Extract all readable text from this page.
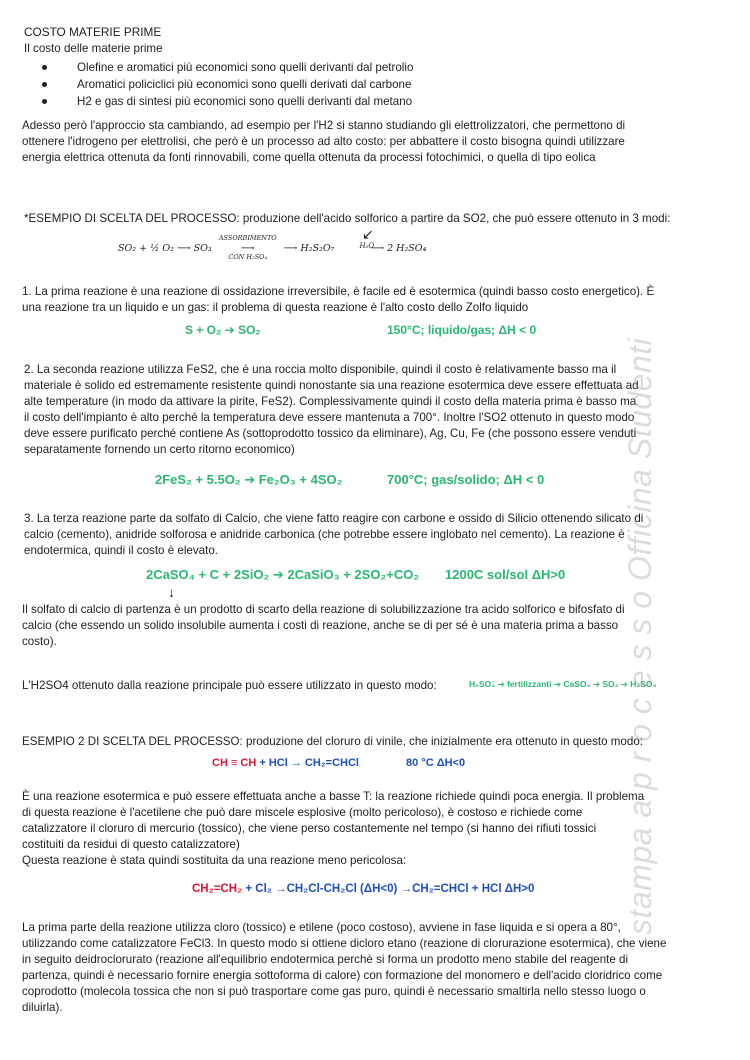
COSTO MATERIE PRIME
Il costo delle materie prime
Olefine e aromatici più economici sono quelli derivanti dal petrolio
Aromatici policiclici più economici sono quelli derivati dal carbone
H2 e gas di sintesi più economici sono quelli derivanti dal metano
Adesso però l'approccio sta cambiando, ad esempio per l'H2 si stanno studiando gli elettrolizzatori, che permettono di
ottenere l'idrogeno per elettrolisi, che però è un processo ad alto costo: per abbattere il costo bisogna quindi utilizzare
energia elettrica ottenuta da fonti rinnovabili, come quella ottenuta da processi fotochimici, o quella di tipo eolica
*ESEMPIO DI SCELTA DEL PROCESSO: produzione dell'acido solforico a partire da SO2, che può essere ottenuto in 3 modi:
↙
SO₂ + ½ O₂ ⟶ SO₃
ASSORBIMENTO
⟶
CON H₂SO₄
⟶ H₂S₂O₇	H₂O
⟶ 2 H₂SO₄
1. La prima reazione è una reazione di ossidazione irreversibile, è facile ed è esotermica (quindi basso costo energetico). È
una reazione tra un liquido e un gas: il problema di questa reazione è l'alto costo dello Zolfo liquido
S + O₂ ➔ SO₂	150°C; liquido/gas; ΔH < 0
2. La seconda reazione utilizza FeS2, che è una roccia molto disponibile, quindi il costo è relativamente basso ma il
materiale è solido ed estremamente resistente quindi nonostante sia una reazione esotermica deve essere effettuata ad
alte temperature (in modo da attivare la pirite, FeS2). Complessivamente quindi il costo della materia prima è basso ma
il costo dell'impianto è alto perché la temperatura deve essere mantenuta a 700°. Inoltre l'SO2 ottenuto in questo modo
deve essere purificato perché contiene As (sottoprodotto tossico da eliminare), Ag, Cu, Fe (che possono essere venduti
separatamente fornendo un certo ritorno economico)
2FeS₂ + 5.5O₂ ➔ Fe₂O₃ + 4SO₂	700°C; gas/solido; ΔH < 0
3. La terza reazione parte da solfato di Calcio, che viene fatto reagire con carbone e ossido di Silicio ottenendo silicato di
calcio (cemento), anidride solforosa e anidride carbonica (che potrebbe essere inglobato nel cemento). La reazione è
endotermica, quindi il costo è elevato.
2CaSO₄ + C + 2SiO₂ ➔ 2CaSiO₃ + 2SO₂+CO₂ 1200C sol/sol ΔH>0
↓
Il solfato di calcio di partenza è un prodotto di scarto della reazione di solubilizzazione tra acido solforico e bifosfato di
calcio (che essendo un solido insolubile aumenta i costi di reazione, anche se di per sé è una materia prima a basso
costo).
L'H2SO4 ottenuto dalla reazione principale può essere utilizzato in questo modo:	H₂SO₄ ➔ fertilizzanti ➔ CaSO₄ ➔ SO₂ ➔ H₂SO₄
ESEMPIO 2 DI SCELTA DEL PROCESSO: produzione del cloruro di vinile, che inizialmente era ottenuto in questo modo:
CH ≡ CH + HCl → CH₂=CHCl	80 °C ΔH<0
È una reazione esotermica e può essere effettuata anche a basse T: la reazione richiede quindi poca energia. Il problema
di questa reazione è l'acetilene che può dare miscele esplosive (molto pericoloso), è costoso e richiede come
catalizzatore il cloruro di mercurio (tossico), che viene perso costantemente nel tempo (si hanno dei rifiuti tossici
costituiti da residui di questo catalizzatore)
Questa reazione è stata quindi sostituita da una reazione meno pericolosa:
CH₂=CH₂ + Cl₂ →CH₂Cl-CH₂Cl (ΔH<0) →CH₂=CHCl + HCl ΔH>0
La prima parte della reazione utilizza cloro (tossico) e etilene (poco costoso), avviene in fase liquida e si opera a 80°,
utilizzando come catalizzatore FeCl3. In questo modo si ottiene dicloro etano (reazione di clorurazione esotermica), che viene
in seguito deidroclorurato (reazione all'equilibrio endotermica perchè si forma un prodotto meno stabile del reagente di
partenza, quindi è necessario fornire energia sottoforma di calore) con formazione del monomero e dell'acido cloridrico come
coprodotto (molecola tossica che non si può trasportare come gas puro, quindi è necessario smaltirla nello stesso luogo o
diluirla).
stampa a p r o c e s s o Officina Studenti
